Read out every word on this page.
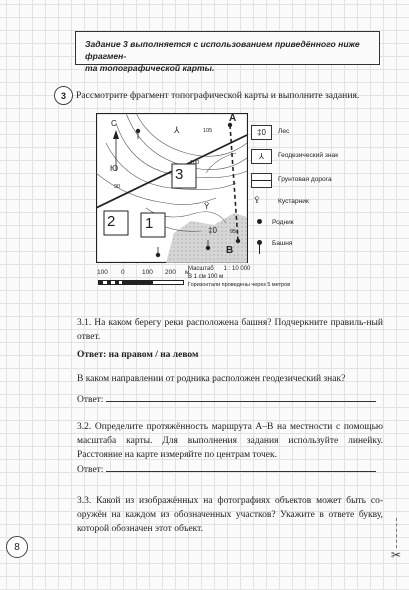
Задание 3 выполняется с использованием приведённого ниже фрагмен-
та топографической карты.
3	Рассмотрите фрагмент топографической карты и выполните задания.
⅄
Ϋ
‡0
С
Ю
A
B
3
2 1
105
100
95
90
‡0	Лес
⅄	Геодезический знак
Грунтовая дорога
Ϋ	Кустарник
Родник
Башня
100 0	100 200 м
Масштаб      1 : 10 000
В 1 см 100 м
Горизонтали проведены через 5 метров
3.1. На каком берегу реки расположена башня? Подчеркните правиль-ный ответ.
Ответ: на правом / на левом
В каком направлении от родника расположен геодезический знак?
Ответ:
3.2. Определите протяжённость маршрута А–В на местности с помощью масштаба карты. Для выполнения задания используйте линейку. Расстояние на карте измеряйте по центрам точек.
Ответ:
3.3. Какой из изображённых на фотографиях объектов может быть со-оружён на каждом из обозначенных участков? Укажите в ответе букву, которой обозначен этот объект.
8
✂
